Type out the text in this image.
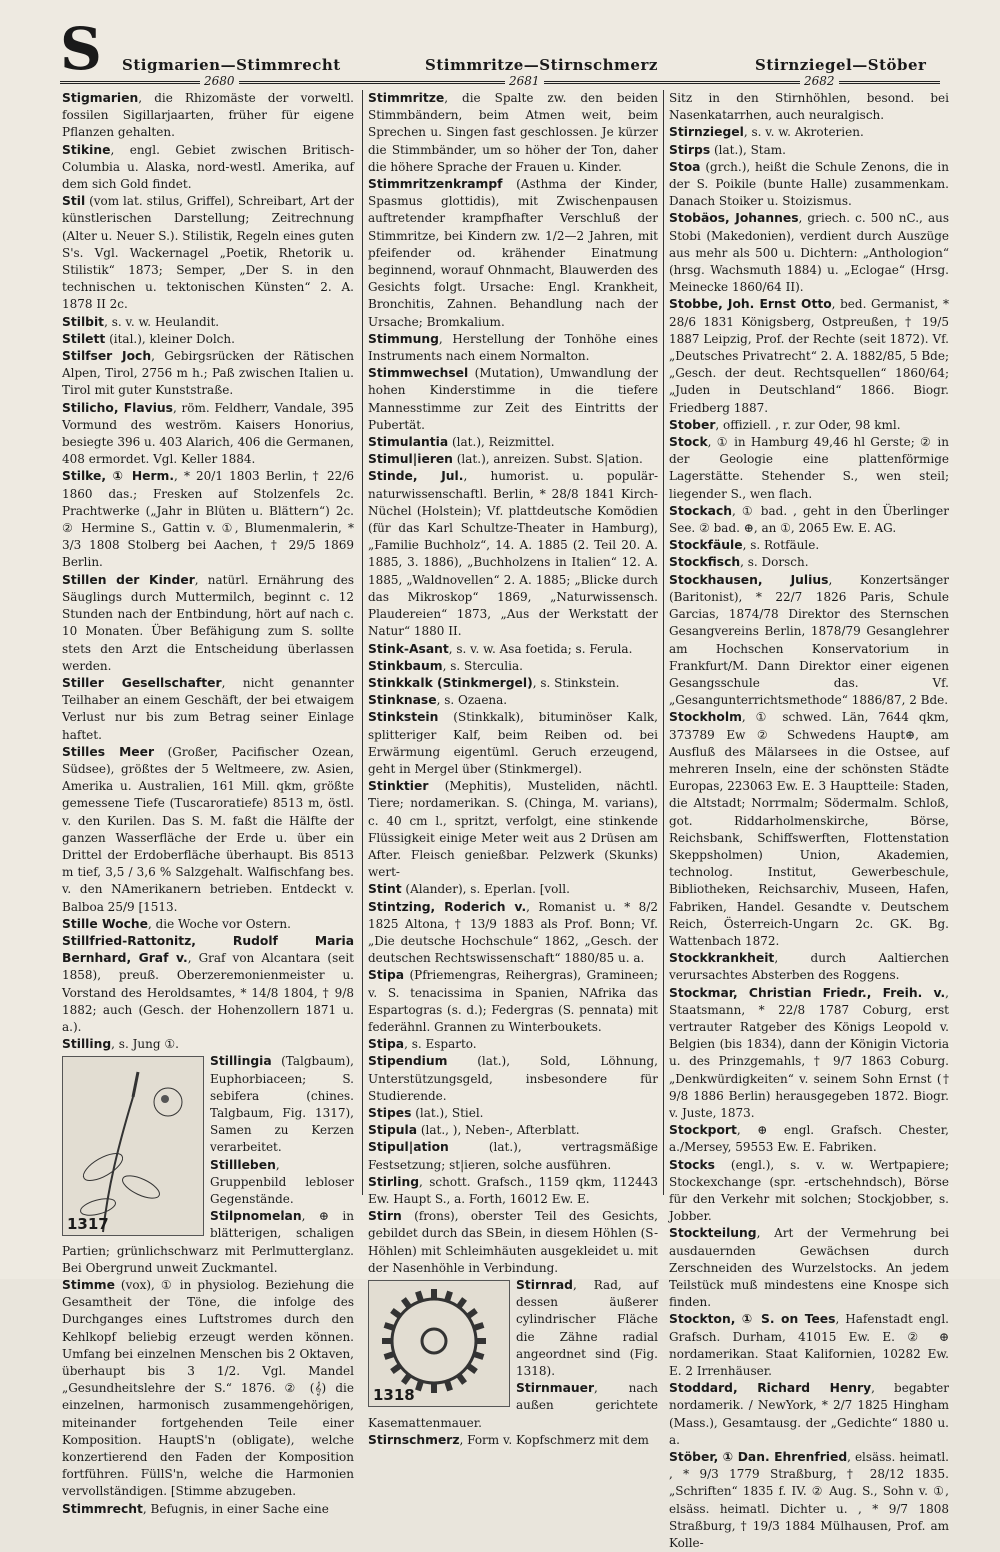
S Stigmarien—Stimmrecht	Stimmritze—Stirnschmerz	Stirnziegel—Stöber
2680	2681	2682

Stigmarien, die Rhizomäste der vorweltl. fossilen Sigillarjaarten, früher für eigene Pflanzen gehalten.

Stikine, engl. Gebiet zwischen Britisch-Columbia u. Alaska, nord-westl. Amerika, auf dem sich Gold findet.

Stil (vom lat. stilus, Griffel), Schreibart, Art der künstlerischen Darstellung; Zeitrechnung (Alter u. Neuer S.). Stilistik, Regeln eines guten S's. Vgl. Wackernagel „Poetik, Rhetorik u. Stilistik“ 1873; Semper, „Der S. in den technischen u. tektonischen Künsten“ 2. A. 1878 II 2c.

Stilbit, s. v. w. Heulandit.

Stilett (ital.), kleiner Dolch.

Stilfser Joch, Gebirgsrücken der Rätischen Alpen, Tirol, 2756 m h.; Paß zwischen Italien u. Tirol mit guter Kunststraße.

Stilicho, Flavius, röm. Feldherr, Vandale, 395 Vormund des weström. Kaisers Honorius, besiegte 396 u. 403 Alarich, 406 die Germanen, 408 ermordet. Vgl. Keller 1884.

Stilke, ① Herm., * 20/1 1803 Berlin, † 22/6 1860 das.; Fresken auf Stolzenfels 2c. Prachtwerke („Jahr in Blüten u. Blättern“) 2c. ② Hermine S., Gattin v. ①, Blumenmalerin, * 3/3 1808 Stolberg bei Aachen, † 29/5 1869 Berlin.

Stillen der Kinder, natürl. Ernährung des Säuglings durch Muttermilch, beginnt c. 12 Stunden nach der Entbindung, hört auf nach c. 10 Monaten. Über Befähigung zum S. sollte stets den Arzt die Entscheidung überlassen werden.

Stiller Gesellschafter, nicht genannter Teilhaber an einem Geschäft, der bei etwaigem Verlust nur bis zum Betrag seiner Einlage haftet.

Stilles Meer (Großer, Pacifischer Ozean, Südsee), größtes der 5 Weltmeere, zw. Asien, Amerika u. Australien, 161 Mill. qkm, größte gemessene Tiefe (Tuscaroratiefe) 8513 m, östl. v. den Kurilen. Das S. M. faßt die Hälfte der ganzen Wasserfläche der Erde u. über ein Drittel der Erdoberfläche überhaupt. Bis 8513 m tief, 3,5 / 3,6 % Salzgehalt. Walfischfang bes. v. den NAmerikanern betrieben. Entdeckt v. Balboa 25/9 [1513.

Stille Woche, die Woche vor Ostern.

Stillfried-Rattonitz, Rudolf Maria Bernhard, Graf v., Graf von Alcantara (seit 1858), preuß. Oberzeremonienmeister u. Vorstand des Heroldsamtes, * 14/8 1804, † 9/8 1882; auch (Gesch. der Hohenzollern 1871 u. a.).

Stilling, s. Jung ①.

1317

Stillingia (Talgbaum), Euphorbiaceen; S. sebifera (chines. Talgbaum, Fig. 1317), Samen zu Kerzen verarbeitet.

Stillleben, Gruppenbild lebloser Gegenstände.

Stilpnomelan, ⊕ in blätterigen, schaligen Partien; grünlichschwarz mit Perlmutterglanz. Bei Obergrund unweit Zuckmantel.

Stimme (vox), ① in physiolog. Beziehung die Gesamtheit der Töne, die infolge des Durchganges eines Luftstromes durch den Kehlkopf beliebig erzeugt werden können. Umfang bei einzelnen Menschen bis 2 Oktaven, überhaupt bis 3 1/2. Vgl. Mandel „Gesundheitslehre der S.“ 1876. ② (𝄞) die einzelnen, harmonisch zusammengehörigen, miteinander fortgehenden Teile einer Komposition. HauptS'n (obligate), welche konzertierend den Faden der Komposition fortführen. FüllS'n, welche die Harmonien vervollständigen. [Stimme abzugeben.

Stimmrecht, Befugnis, in einer Sache eine

Stimmritze, die Spalte zw. den beiden Stimmbändern, beim Atmen weit, beim Sprechen u. Singen fast geschlossen. Je kürzer die Stimmbänder, um so höher der Ton, daher die höhere Sprache der Frauen u. Kinder.

Stimmritzenkrampf (Asthma der Kinder, Spasmus glottidis), mit Zwischenpausen auftretender krampfhafter Verschluß der Stimmritze, bei Kindern zw. 1/2—2 Jahren, mit pfeifender od. krähender Einatmung beginnend, worauf Ohnmacht, Blauwerden des Gesichts folgt. Ursache: Engl. Krankheit, Bronchitis, Zahnen. Behandlung nach der Ursache; Bromkalium.

Stimmung, Herstellung der Tonhöhe eines Instruments nach einem Normalton.

Stimmwechsel (Mutation), Umwandlung der hohen Kinderstimme in die tiefere Mannesstimme zur Zeit des Eintritts der Pubertät.

Stimulantia (lat.), Reizmittel.

Stimul|ieren (lat.), anreizen. Subst. S|ation.

Stinde, Jul., humorist. u. populär-naturwissenschaftl. Berlin, * 28/8 1841 Kirch-Nüchel (Holstein); Vf. plattdeutsche Komödien (für das Karl Schultze-Theater in Hamburg), „Familie Buchholz“, 14. A. 1885 (2. Teil 20. A. 1885, 3. 1886), „Buchholzens in Italien“ 12. A. 1885, „Waldnovellen“ 2. A. 1885; „Blicke durch das Mikroskop“ 1869, „Naturwissensch. Plaudereien“ 1873, „Aus der Werkstatt der Natur“ 1880 II.

Stink-Asant, s. v. w. Asa foetida; s. Ferula.

Stinkbaum, s. Sterculia.

Stinkkalk (Stinkmergel), s. Stinkstein.

Stinknase, s. Ozaena.

Stinkstein (Stinkkalk), bituminöser Kalk, splitteriger Kalf, beim Reiben od. bei Erwärmung eigentüml. Geruch erzeugend, geht in Mergel über (Stinkmergel).

Stinktier (Mephitis), Musteliden, nächtl. Tiere; nordamerikan. S. (Chinga, M. varians), c. 40 cm l., spritzt, verfolgt, eine stinkende Flüssigkeit einige Meter weit aus 2 Drüsen am After. Fleisch genießbar. Pelzwerk (Skunks) wert-

Stint (Alander), s. Eperlan. [voll.

Stintzing, Roderich v., Romanist u. * 8/2 1825 Altona, † 13/9 1883 als Prof. Bonn; Vf. „Die deutsche Hochschule“ 1862, „Gesch. der deutschen Rechtswissenschaft“ 1880/85 u. a.

Stipa (Pfriemengras, Reihergras), Gramineen; v. S. tenacissima in Spanien, NAfrika das Espartogras (s. d.); Federgras (S. pennata) mit federähnl. Grannen zu Winterboukets.

Stipa, s. Esparto.

Stipendium (lat.), Sold, Löhnung, Unterstützungsgeld, insbesondere für Studierende.

Stipes (lat.), Stiel.

Stipula (lat., ), Neben-, Afterblatt.

Stipul|ation (lat.), vertragsmäßige Festsetzung; st|ieren, solche ausführen.

Stirling, schott. Grafsch., 1159 qkm, 112443 Ew. Haupt S., a. Forth, 16012 Ew. E.

Stirn (frons), oberster Teil des Gesichts, gebildet durch das SBein, in diesem Höhlen (S-Höhlen) mit Schleimhäuten ausgekleidet u. mit der Nasenhöhle in Verbindung.

1318

Stirnrad, Rad, auf dessen äußerer cylindrischer Fläche die Zähne radial angeordnet sind (Fig. 1318).

Stirnmauer, nach außen gerichtete Kasemattenmauer.

Stirnschmerz, Form v. Kopfschmerz mit dem

Sitz in den Stirnhöhlen, besond. bei Nasenkatarrhen, auch neuralgisch.

Stirnziegel, s. v. w. Akroterien.

Stirps (lat.), Stam.

Stoa (grch.), heißt die Schule Zenons, die in der S. Poikile (bunte Halle) zusammenkam. Danach Stoiker u. Stoizismus.

Stobäos, Johannes, griech. c. 500 nC., aus Stobi (Makedonien), verdient durch Auszüge aus mehr als 500 u. Dichtern: „Anthologion“ (hrsg. Wachsmuth 1884) u. „Eclogae“ (Hrsg. Meinecke 1860/64 II).

Stobbe, Joh. Ernst Otto, bed. Germanist, * 28/6 1831 Königsberg, Ostpreußen, † 19/5 1887 Leipzig, Prof. der Rechte (seit 1872). Vf. „Deutsches Privatrecht“ 2. A. 1882/85, 5 Bde; „Gesch. der deut. Rechtsquellen“ 1860/64; „Juden in Deutschland“ 1866. Biogr. Friedberg 1887.

Stober, offiziell. , r. zur Oder, 98 kml.

Stock, ① in Hamburg 49,46 hl Gerste; ② in der Geologie eine plattenförmige Lagerstätte. Stehender S., wen steil; liegender S., wen flach.

Stockach, ① bad. , geht in den Überlinger See. ② bad. ⊕, an ①, 2065 Ew. E. AG.

Stockfäule, s. Rotfäule.

Stockfisch, s. Dorsch.

Stockhausen, Julius, Konzertsänger (Baritonist), * 22/7 1826 Paris, Schule Garcias, 1874/78 Direktor des Sternschen Gesangvereins Berlin, 1878/79 Gesanglehrer am Hochschen Konservatorium in Frankfurt/M. Dann Direktor einer eigenen Gesangsschule das. Vf. „Gesangunterrichtsmethode“ 1886/87, 2 Bde.

Stockholm, ① schwed. Län, 7644 qkm, 373789 Ew ② Schwedens Haupt⊕, am Ausfluß des Mälarsees in die Ostsee, auf mehreren Inseln, eine der schönsten Städte Europas, 223063 Ew. E. 3 Hauptteile: Staden, die Altstadt; Norrmalm; Södermalm. Schloß, got. Riddarholmenskirche, Börse, Reichsbank, Schiffswerften, Flottenstation Skeppsholmen) Union, Akademien, technolog. Institut, Gewerbeschule, Bibliotheken, Reichsarchiv, Museen, Hafen, Fabriken, Handel. Gesandte v. Deutschem Reich, Österreich-Ungarn 2c. GK. Bg. Wattenbach 1872.

Stockkrankheit, durch Aaltierchen verursachtes Absterben des Roggens.

Stockmar, Christian Friedr., Freih. v., Staatsmann, * 22/8 1787 Coburg, erst vertrauter Ratgeber des Königs Leopold v. Belgien (bis 1834), dann der Königin Victoria u. des Prinzgemahls, † 9/7 1863 Coburg. „Denkwürdigkeiten“ v. seinem Sohn Ernst († 9/8 1886 Berlin) herausgegeben 1872. Biogr. v. Juste, 1873.

Stockport, ⊕ engl. Grafsch. Chester, a./Mersey, 59553 Ew. E. Fabriken.

Stocks (engl.), s. v. w. Wertpapiere; Stockexchange (spr. -ertschehndsch), Börse für den Verkehr mit solchen; Stockjobber, s. Jobber.

Stockteilung, Art der Vermehrung bei ausdauernden Gewächsen durch Zerschneiden des Wurzelstocks. An jedem Teilstück muß mindestens eine Knospe sich finden.

Stockton, ① S. on Tees, Hafenstadt engl. Grafsch. Durham, 41015 Ew. E. ② ⊕ nordamerikan. Staat Kalifornien, 10282 Ew. E. 2 Irrenhäuser.

Stoddard, Richard Henry, begabter nordamerik. / NewYork, * 2/7 1825 Hingham (Mass.), Gesamtausg. der „Gedichte“ 1880 u. a.

Stöber, ① Dan. Ehrenfried, elsäss. heimatl. , * 9/3 1779 Straßburg, † 28/12 1835. „Schriften“ 1835 f. IV. ② Aug. S., Sohn v. ①, elsäss. heimatl. Dichter u. , * 9/7 1808 Straßburg, † 19/3 1884 Mülhausen, Prof. am Kolle-
